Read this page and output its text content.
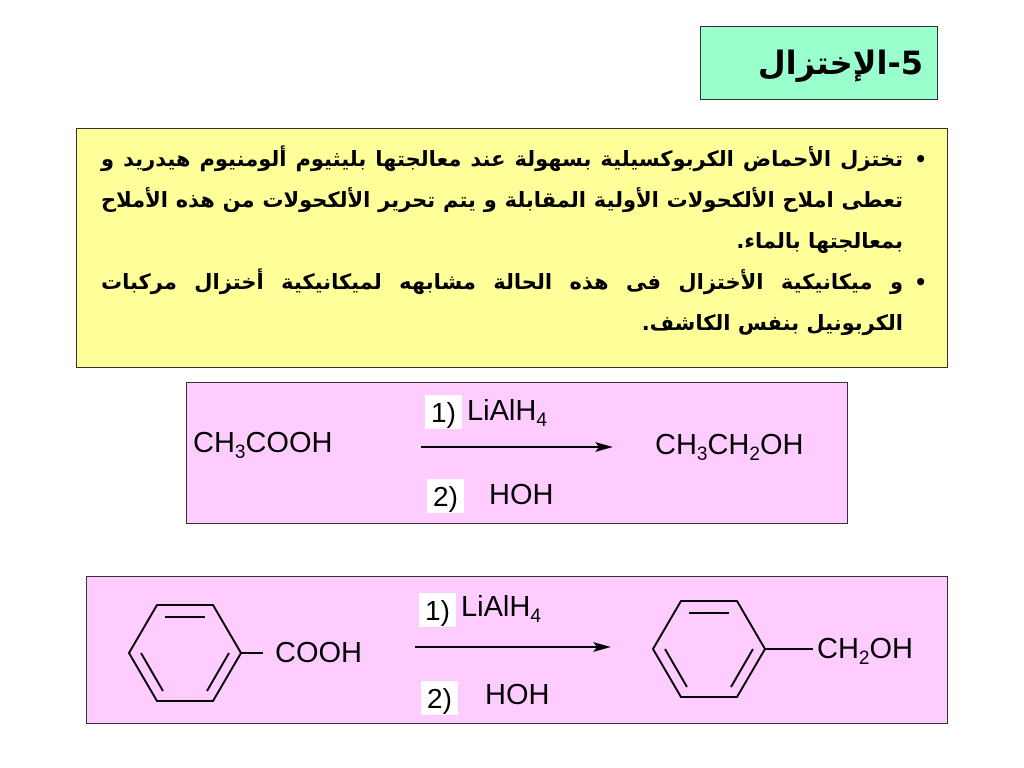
5-الإختزال
• تختزل الأحماض الكربوكسيلية بسهولة عند معالجتها بليثيوم ألومنيوم هيدريد و تعطى املاح الألكحولات الأولية المقابلة و يتم تحرير الألكحولات من هذه الأملاح بمعالجتها بالماء.
• و ميكانيكية الأختزال فى هذه الحالة مشابهه لميكانيكية أختزال مركبات الكربونيل بنفس الكاشف.
$CH_3COOH$
1) LiAlH$_4$
2) HOH
$CH_3CH_2OH$
COOH
1) LiAlH$_4$
2) HOH
$CH_2OH$
